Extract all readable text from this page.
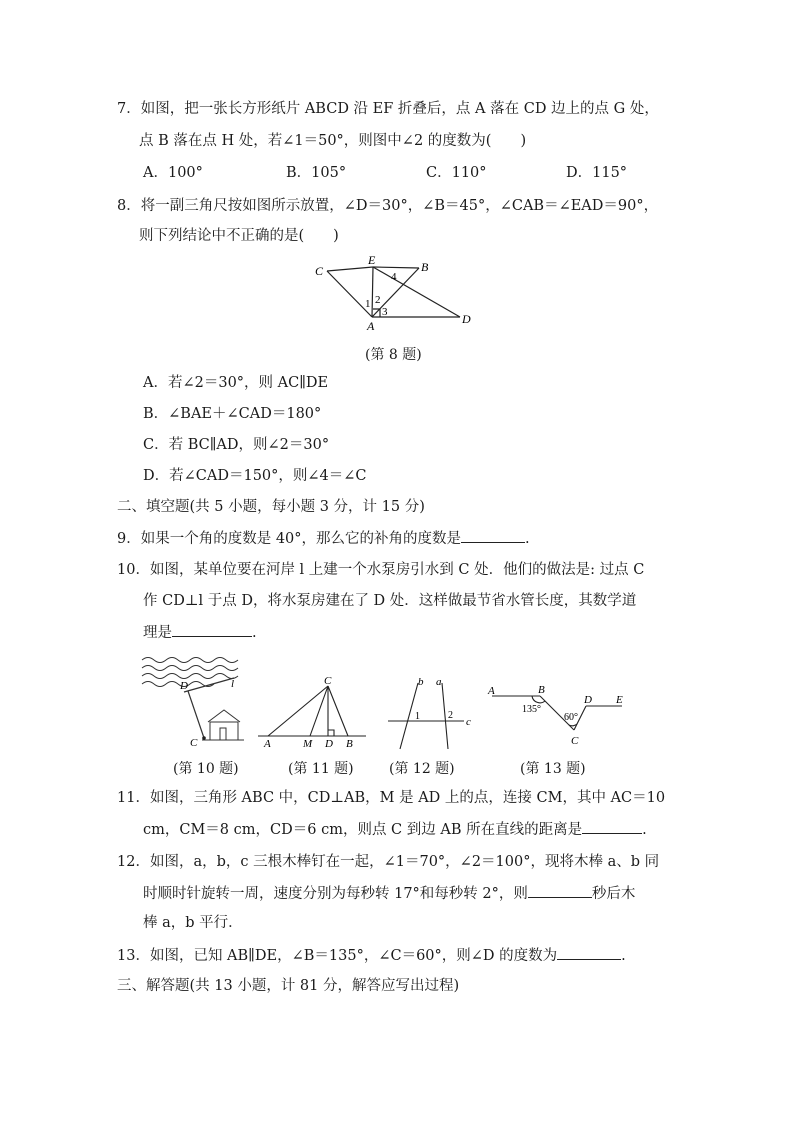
7．如图，把一张长方形纸片 ABCD 沿 EF 折叠后，点 A 落在 CD 边上的点 G 处，
点 B 落在点 H 处，若∠1＝50°，则图中∠2 的度数为(　　)
A．100°	B．105°	C．110°	D．115°
8．将一副三角尺按如图所示放置，∠D＝30°，∠B＝45°，∠CAB＝∠EAD＝90°，
则下列结论中不正确的是(　　)
C
E	B
A	D
1 2
3
4
(第 8 题)
A．若∠2＝30°，则 AC∥DE
B．∠BAE＋∠CAD＝180°
C．若 BC∥AD，则∠2＝30°
D．若∠CAD＝150°，则∠4＝∠C
二、填空题(共 5 小题，每小题 3 分，计 15 分)
9．如果一个角的度数是 40°，那么它的补角的度数是	.
10．如图，某单位要在河岸 l 上建一个水泵房引水到 C 处．他们的做法是: 过点 C
作 CD⊥l 于点 D，将水泵房建在了 D 处．这样做最节省水管长度，其数学道
理是	.
D	l
C
(第 10 题)
C
A	M D B
(第 11 题)
b a
c
1	2
(第 12 题)
A	B
D E
C
135°
60°
(第 13 题)
11．如图，三角形 ABC 中，CD⊥AB，M 是 AD 上的点，连接 CM，其中 AC＝10
cm，CM＝8 cm，CD＝6 cm，则点 C 到边 AB 所在直线的距离是	.
12．如图，a，b，c 三根木棒钉在一起，∠1＝70°，∠2＝100°，现将木棒 a、b 同
时顺时针旋转一周，速度分别为每秒转 17°和每秒转 2°，则	秒后木
棒 a，b 平行．
13．如图，已知 AB∥DE，∠B＝135°，∠C＝60°，则∠D 的度数为	.
三、解答题(共 13 小题，计 81 分，解答应写出过程)
